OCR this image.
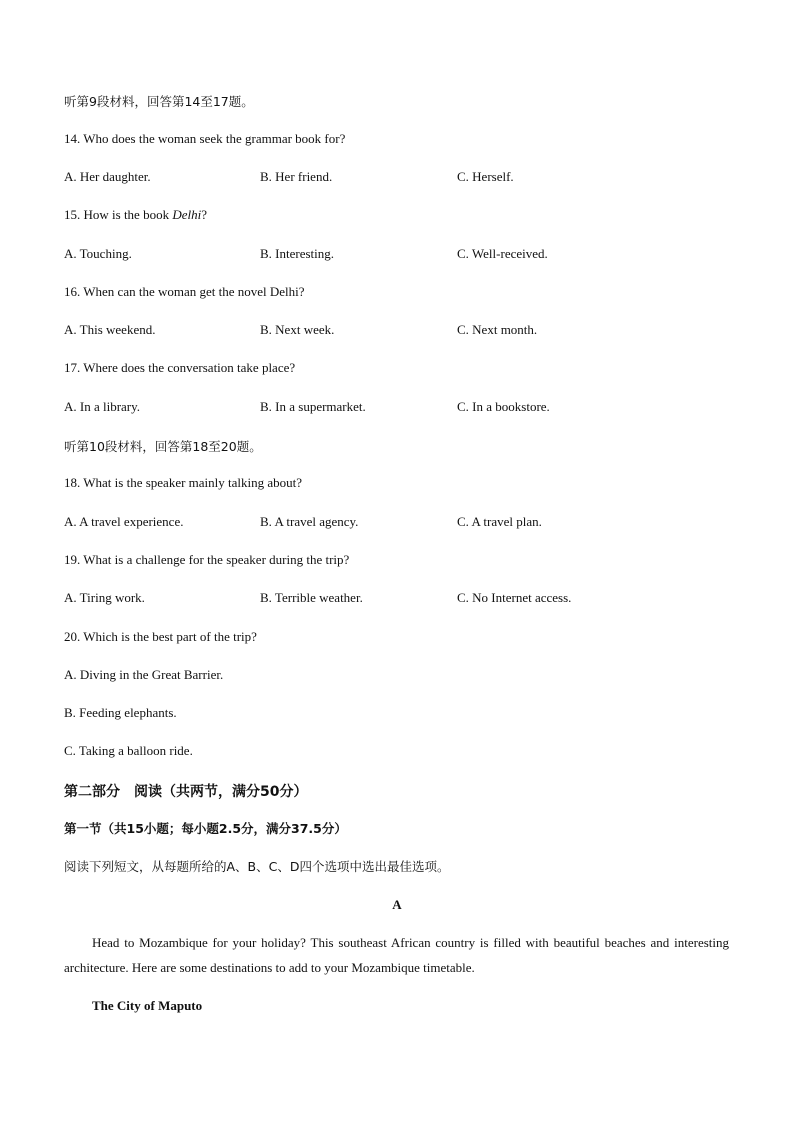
听第9段材料，回答第14至17题。
14. Who does the woman seek the grammar book for?
A. Her daughter.	B. Her friend.	C. Herself.
15. How is the book Delhi?
A. Touching.	B. Interesting.	C. Well-received.
16. When can the woman get the novel Delhi?
A. This weekend.	B. Next week.	C. Next month.
17. Where does the conversation take place?
A. In a library.	B. In a supermarket.	C. In a bookstore.
听第10段材料，回答第18至20题。
18. What is the speaker mainly talking about?
A. A travel experience.	B. A travel agency.	C. A travel plan.
19. What is a challenge for the speaker during the trip?
A. Tiring work.	B. Terrible weather.	C. No Internet access.
20. Which is the best part of the trip?
A. Diving in the Great Barrier.
B. Feeding elephants.
C. Taking a balloon ride.
第二部分　阅读（共两节，满分50分）
第一节（共15小题；每小题2.5分，满分37.5分）
阅读下列短文，从每题所给的A、B、C、D四个选项中选出最佳选项。
A
Head to Mozambique for your holiday? This southeast African country is filled with beautiful beaches and interesting architecture. Here are some destinations to add to your Mozambique timetable.
The City of Maputo
